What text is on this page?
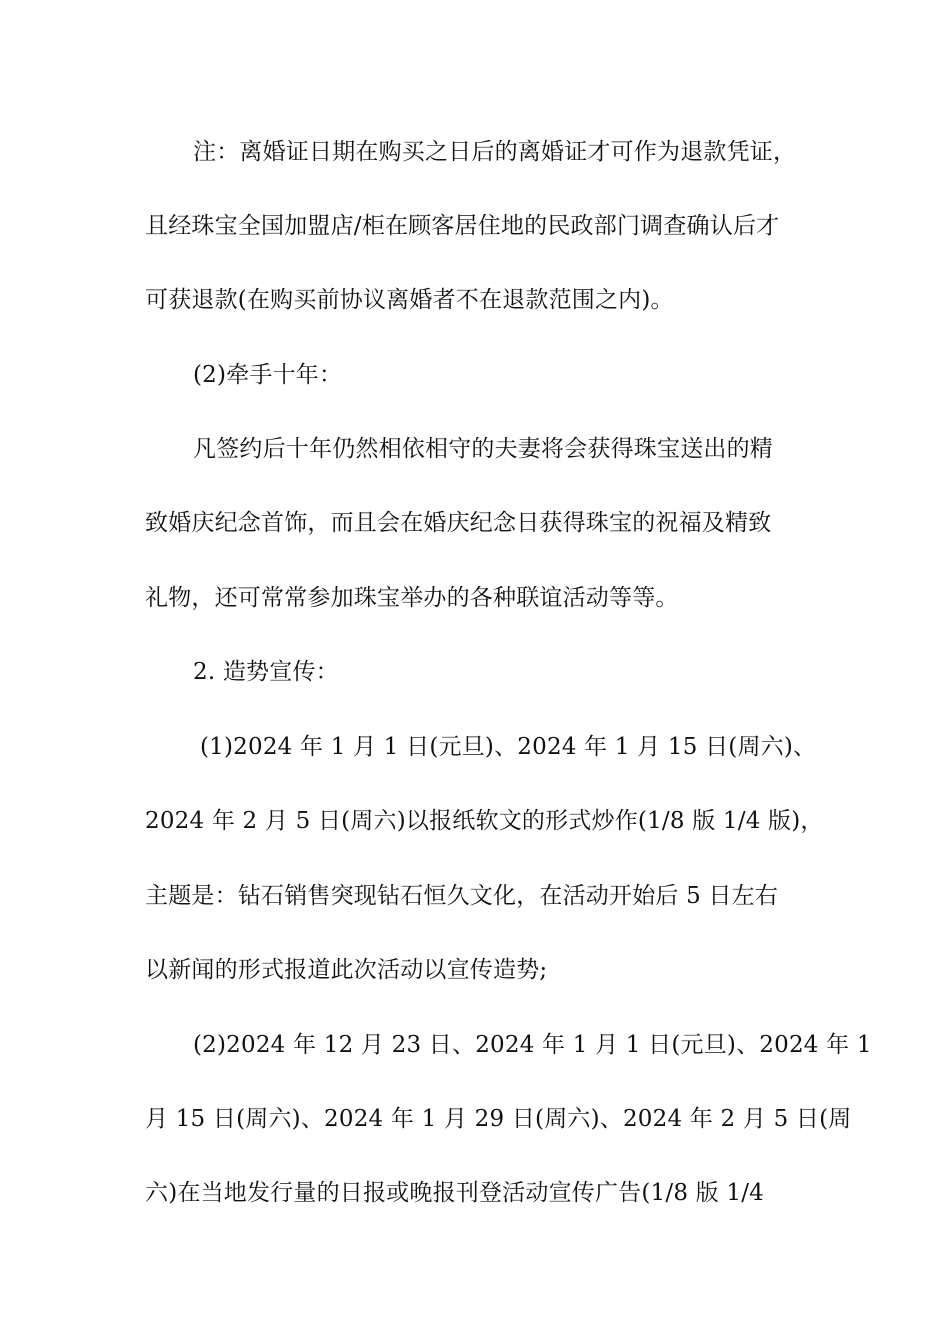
注：离婚证日期在购买之日后的离婚证才可作为退款凭证，
且经珠宝全国加盟店/柜在顾客居住地的民政部门调查确认后才
可获退款(在购买前协议离婚者不在退款范围之内)。
(2)牵手十年：
凡签约后十年仍然相依相守的夫妻将会获得珠宝送出的精
致婚庆纪念首饰，而且会在婚庆纪念日获得珠宝的祝福及精致
礼物，还可常常参加珠宝举办的各种联谊活动等等。
2. 造势宣传：
(1)2024 年 1 月 1 日(元旦)、2024 年 1 月 15 日(周六)、
2024 年 2 月 5 日(周六)以报纸软文的形式炒作(1/8 版 1/4 版)，
主题是：钻石销售突现钻石恒久文化，在活动开始后 5 日左右
以新闻的形式报道此次活动以宣传造势;
(2)2024 年 12 月 23 日、2024 年 1 月 1 日(元旦)、2024 年 1
月 15 日(周六)、2024 年 1 月 29 日(周六)、2024 年 2 月 5 日(周
六)在当地发行量的日报或晚报刊登活动宣传广告(1/8 版 1/4
